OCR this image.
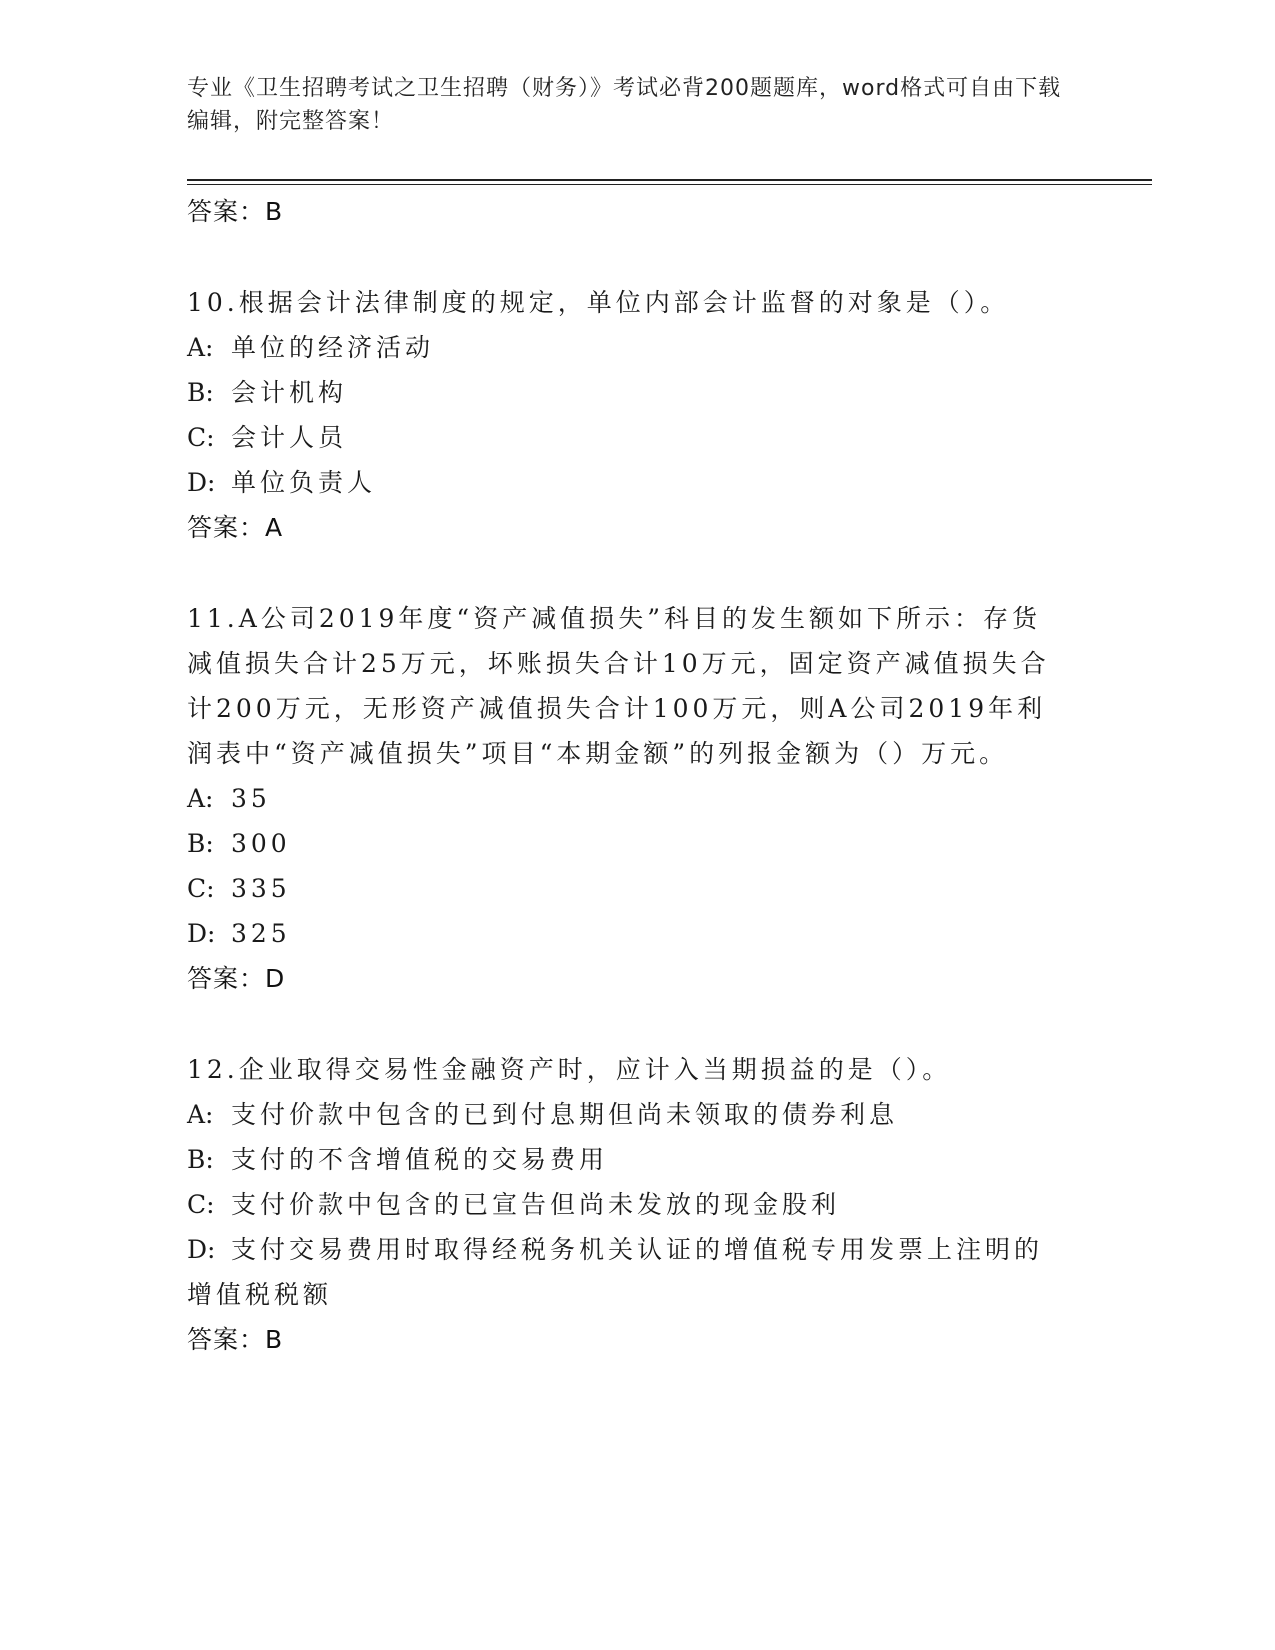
专业《卫生招聘考试之卫生招聘（财务）》考试必背200题题库，word格式可自由下载编辑，附完整答案！
答案：B
10.根据会计法律制度的规定，单位内部会计监督的对象是（）。
A: 单位的经济活动
B: 会计机构
C: 会计人员
D: 单位负责人
答案：A
11.A公司2019年度“资产减值损失”科目的发生额如下所示：存货减值损失合计25万元，坏账损失合计10万元，固定资产减值损失合计200万元，无形资产减值损失合计100万元，则A公司2019年利润表中“资产减值损失”项目“本期金额”的列报金额为（）万元。
A: 35
B: 300
C: 335
D: 325
答案：D
12.企业取得交易性金融资产时，应计入当期损益的是（）。
A: 支付价款中包含的已到付息期但尚未领取的债券利息
B: 支付的不含增值税的交易费用
C: 支付价款中包含的已宣告但尚未发放的现金股利
D: 支付交易费用时取得经税务机关认证的增值税专用发票上注明的增值税税额
答案：B
